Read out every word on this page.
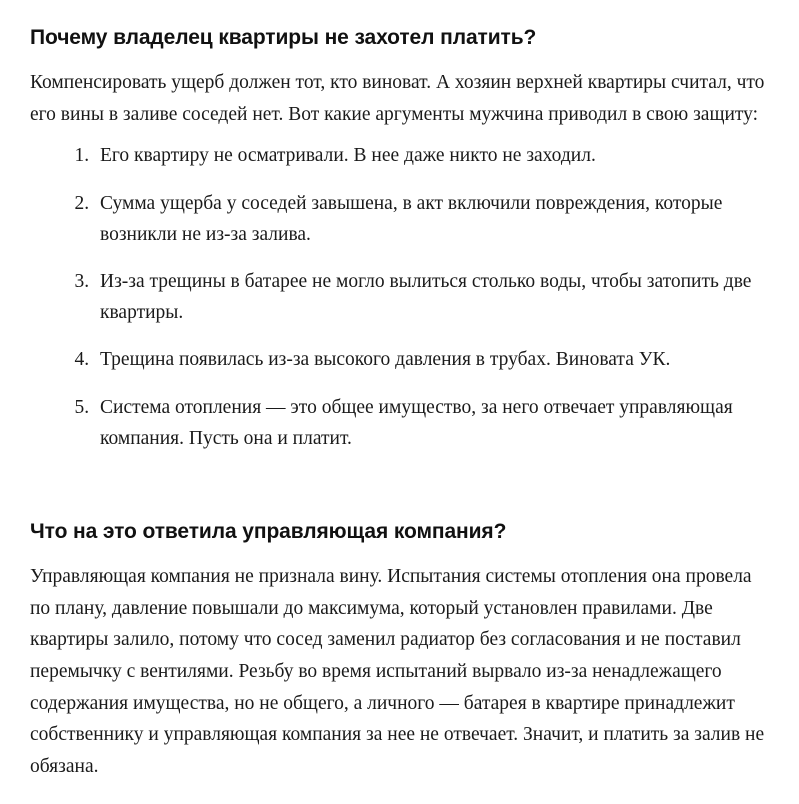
Почему владелец квартиры не захотел платить?

Компенсировать ущерб должен тот, кто виноват. А хозяин верхней квартиры считал, что его вины в заливе соседей нет. Вот какие аргументы мужчина приводил в свою защиту:

1. Его квартиру не осматривали. В нее даже никто не заходил.
2. Сумма ущерба у соседей завышена, в акт включили повреждения, которые возникли не из-за залива.
3. Из-за трещины в батарее не могло вылиться столько воды, чтобы затопить две квартиры.
4. Трещина появилась из-за высокого давления в трубах. Виновата УК.
5. Система отопления — это общее имущество, за него отвечает управляющая компания. Пусть она и платит.
Что на это ответила управляющая компания?

Управляющая компания не признала вину. Испытания системы отопления она провела по плану, давление повышали до максимума, который установлен правилами. Две квартиры залило, потому что сосед заменил радиатор без согласования и не поставил перемычку с вентилями. Резьбу во время испытаний вырвало из-за ненадлежащего содержания имущества, но не общего, а личного — батарея в квартире принадлежит собственнику и управляющая компания за нее не отвечает. Значит, и платить за залив не обязана.
